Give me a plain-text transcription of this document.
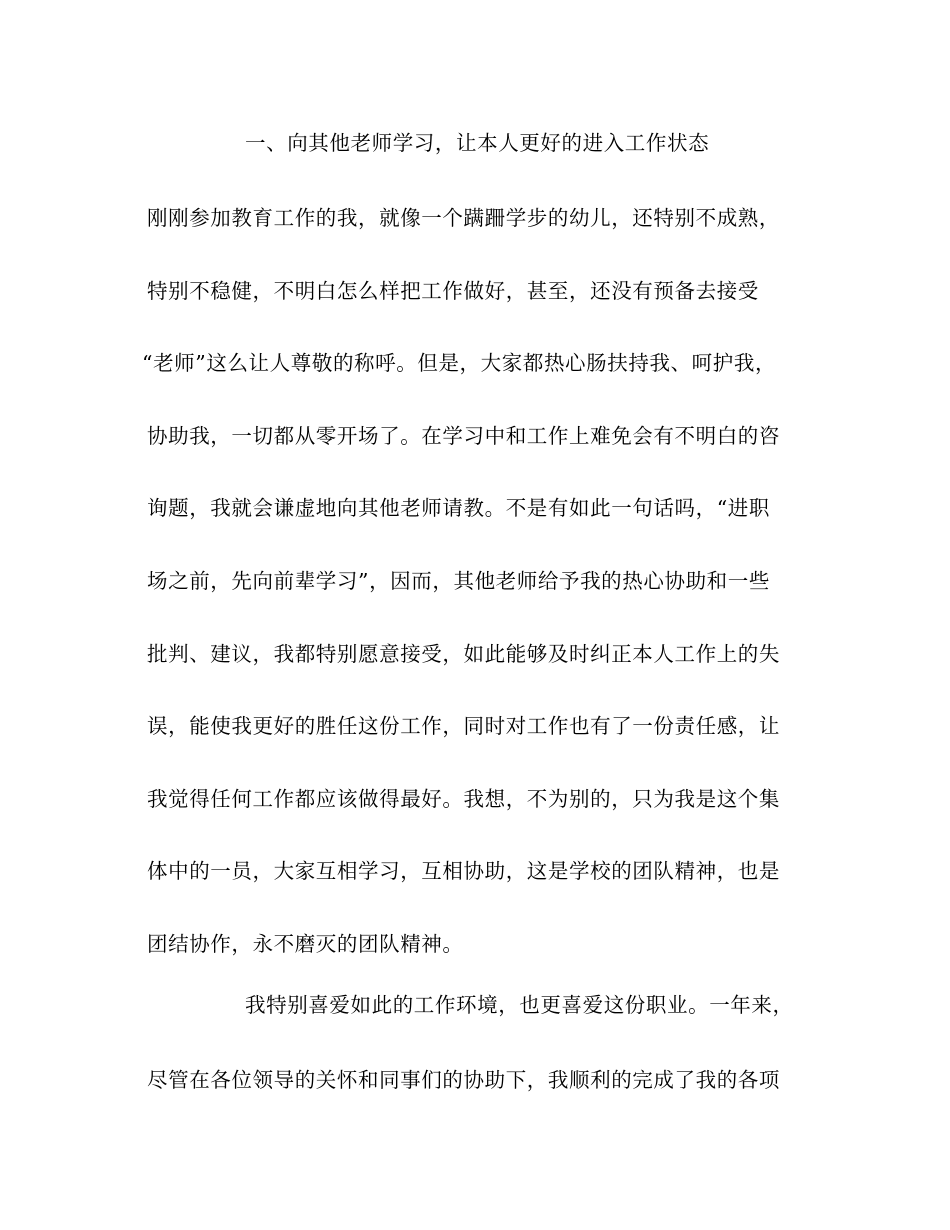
一、向其他老师学习，让本人更好的进入工作状态
刚刚参加教育工作的我，就像一个蹒跚学步的幼儿，还特别不成熟，
特别不稳健，不明白怎么样把工作做好，甚至，还没有预备去接受
“老师”这么让人尊敬的称呼。但是，大家都热心肠扶持我、呵护我，
协助我，一切都从零开场了。在学习中和工作上难免会有不明白的咨
询题，我就会谦虚地向其他老师请教。不是有如此一句话吗，“进职
场之前，先向前辈学习”，因而，其他老师给予我的热心协助和一些
批判、建议，我都特别愿意接受，如此能够及时纠正本人工作上的失
误，能使我更好的胜任这份工作，同时对工作也有了一份责任感，让
我觉得任何工作都应该做得最好。我想，不为别的，只为我是这个集
体中的一员，大家互相学习，互相协助，这是学校的团队精神，也是
团结协作，永不磨灭的团队精神。
我特别喜爱如此的工作环境，也更喜爱这份职业。一年来，
尽管在各位领导的关怀和同事们的协助下，我顺利的完成了我的各项
